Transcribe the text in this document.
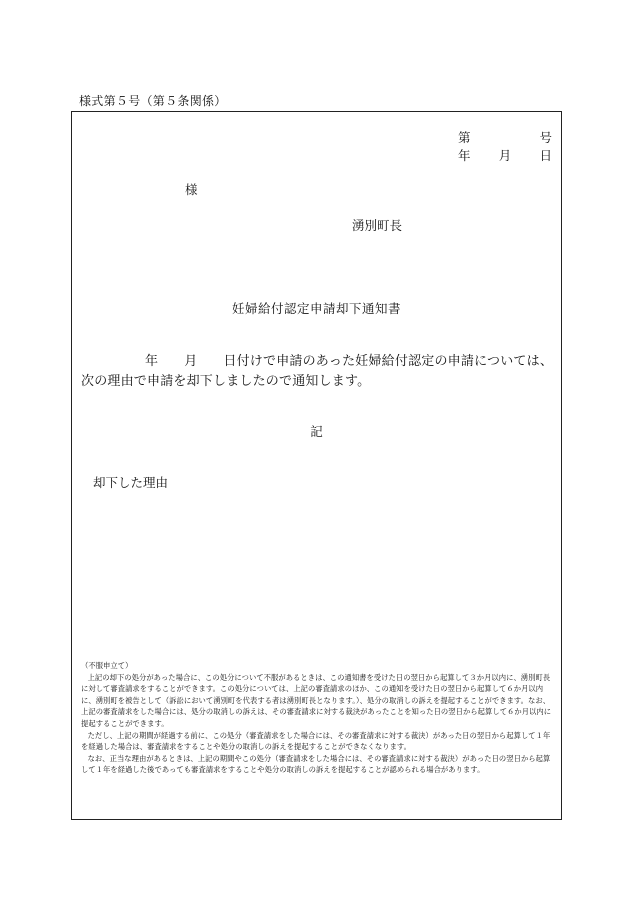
様式第５号（第５条関係）
第	号
年 月 日
様
湧別町長
妊婦給付認定申請却下通知書
年 月 日付けで申請のあった妊婦給付認定の申請については、
次の理由で申請を却下しましたので通知します。
記
却下した理由

（不服申立て）

上記の却下の処分があった場合に、この処分について不服があるときは、この通知書を受けた日の翌日から起算して３か月以内に、湧別町長に対して審査請求をすることができます。この処分については、上記の審査請求のほか、この通知を受けた日の翌日から起算して６か月以内に、湧別町を被告として（訴訟において湧別町を代表する者は湧別町長となります。）、処分の取消しの訴えを提起することができます。なお、上記の審査請求をした場合には、処分の取消しの訴えは、その審査請求に対する裁決があったことを知った日の翌日から起算して６か月以内に提起することができます。

ただし、上記の期間が経過する前に、この処分（審査請求をした場合には、その審査請求に対する裁決）があった日の翌日から起算して１年を経過した場合は、審査請求をすることや処分の取消しの訴えを提起することができなくなります。

なお、正当な理由があるときは、上記の期間やこの処分（審査請求をした場合には、その審査請求に対する裁決）があった日の翌日から起算して１年を経過した後であっても審査請求をすることや処分の取消しの訴えを提起することが認められる場合があります。
